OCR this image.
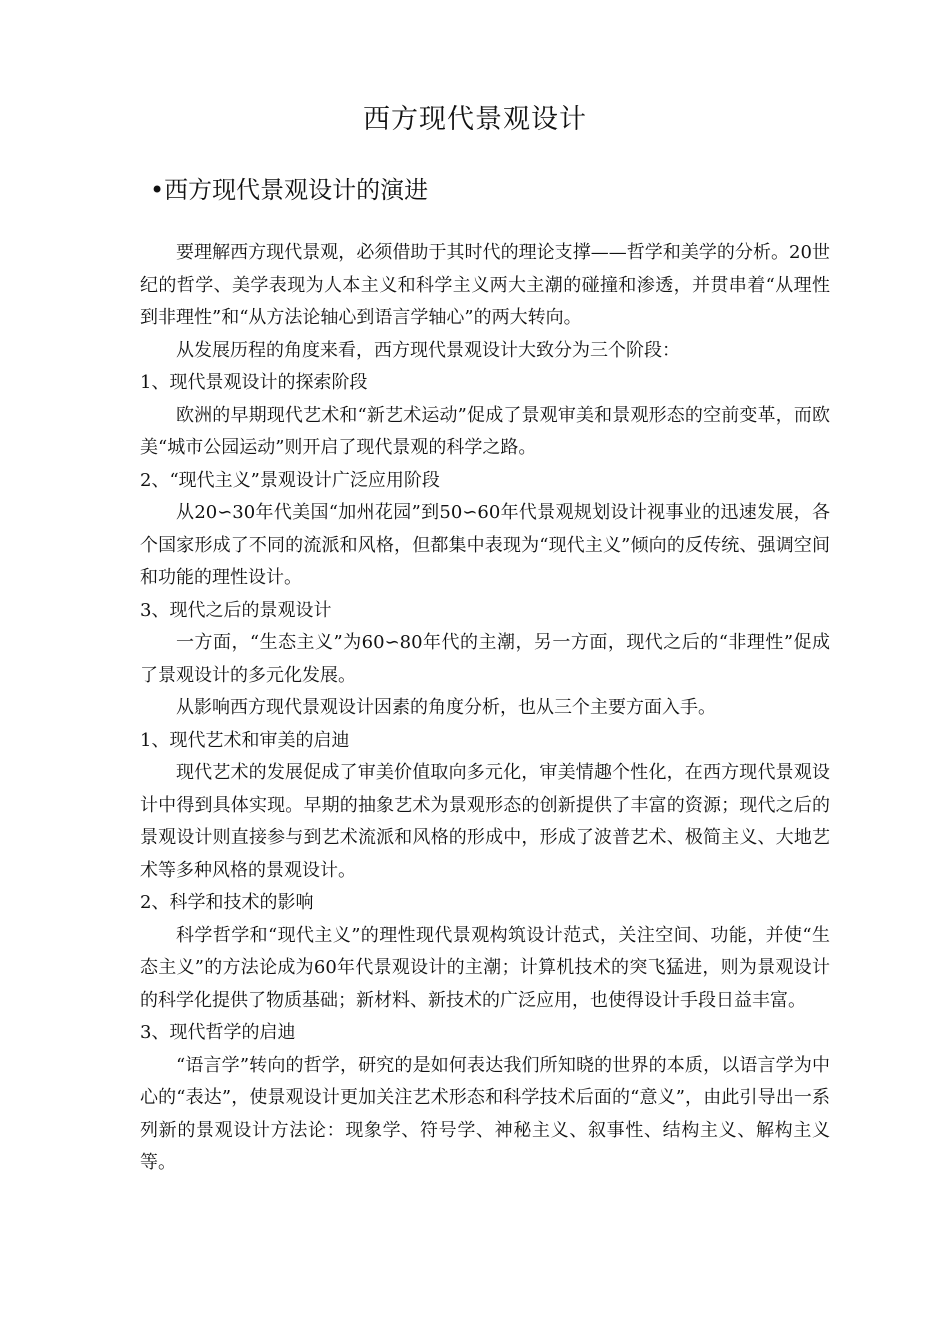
西方现代景观设计
•西方现代景观设计的演进

要理解西方现代景观，必须借助于其时代的理论支撑——哲学和美学的分析。20世纪的哲学、美学表现为人本主义和科学主义两大主潮的碰撞和渗透，并贯串着“从理性到非理性”和“从方法论轴心到语言学轴心”的两大转向。

从发展历程的角度来看，西方现代景观设计大致分为三个阶段：

1、现代景观设计的探索阶段

欧洲的早期现代艺术和“新艺术运动”促成了景观审美和景观形态的空前变革，而欧美“城市公园运动”则开启了现代景观的科学之路。

2、“现代主义”景观设计广泛应用阶段

从20∽30年代美国“加州花园”到50∽60年代景观规划设计视事业的迅速发展，各个国家形成了不同的流派和风格，但都集中表现为“现代主义”倾向的反传统、强调空间和功能的理性设计。

3、现代之后的景观设计

一方面，“生态主义”为60∽80年代的主潮，另一方面，现代之后的“非理性”促成了景观设计的多元化发展。

从影响西方现代景观设计因素的角度分析，也从三个主要方面入手。

1、现代艺术和审美的启迪

现代艺术的发展促成了审美价值取向多元化，审美情趣个性化，在西方现代景观设计中得到具体实现。早期的抽象艺术为景观形态的创新提供了丰富的资源；现代之后的景观设计则直接参与到艺术流派和风格的形成中，形成了波普艺术、极简主义、大地艺术等多种风格的景观设计。

2、科学和技术的影响

科学哲学和“现代主义”的理性现代景观构筑设计范式，关注空间、功能，并使“生态主义”的方法论成为60年代景观设计的主潮；计算机技术的突飞猛进，则为景观设计的科学化提供了物质基础；新材料、新技术的广泛应用，也使得设计手段日益丰富。

3、现代哲学的启迪

“语言学”转向的哲学，研究的是如何表达我们所知晓的世界的本质，以语言学为中心的“表达”，使景观设计更加关注艺术形态和科学技术后面的“意义”，由此引导出一系列新的景观设计方法论：现象学、符号学、神秘主义、叙事性、结构主义、解构主义等。
